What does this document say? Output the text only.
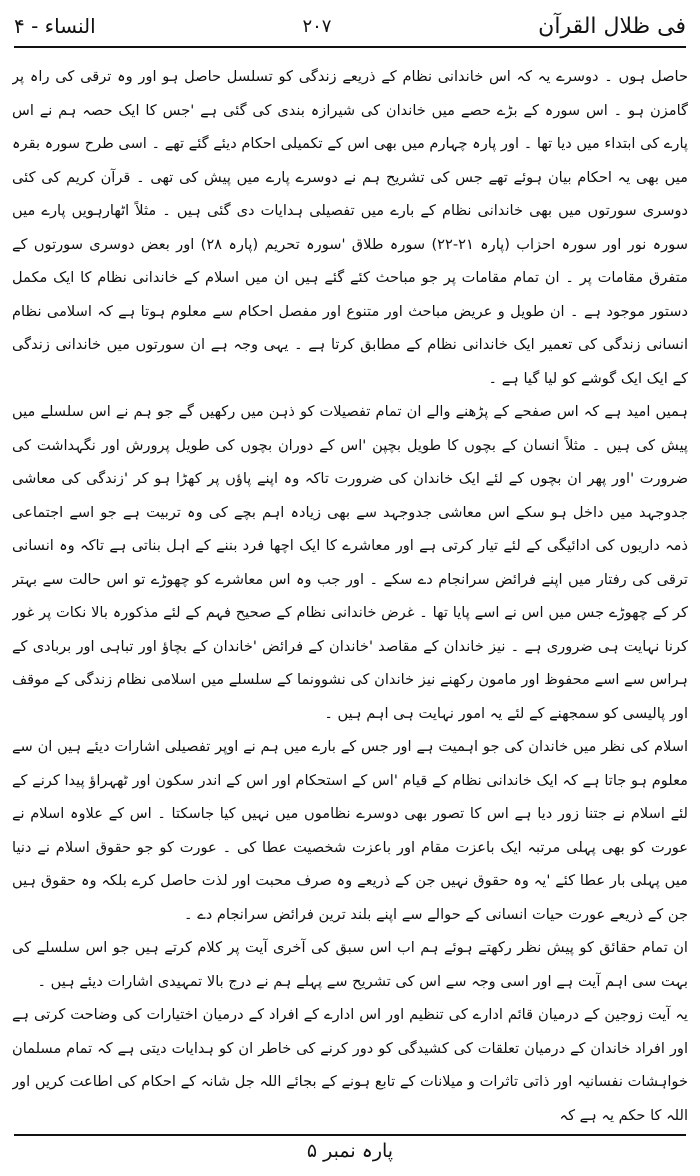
النساء - ۴	۲۰۷	فی ظلال القرآن

حاصل ہوں ۔ دوسرے یہ کہ اس خاندانی نظام کے ذریعے زندگی کو تسلسل حاصل ہو اور وہ ترقی کی راہ پر گامزن ہو ۔ اس سورہ کے بڑے حصے میں خاندان کی شیرازہ بندی کی گئی ہے 'جس کا ایک حصہ ہم نے اس پارے کی ابتداء میں دیا تھا ۔ اور پارہ چہارم میں بھی اس کے تکمیلی احکام دیئے گئے تھے ۔ اسی طرح سورہ بقرہ میں بھی یہ احکام بیان ہوئے تھے جس کی تشریح ہم نے دوسرے پارے میں پیش کی تھی ۔ قرآن کریم کی کئی دوسری سورتوں میں بھی خاندانی نظام کے بارے میں تفصیلی ہدایات دی گئی ہیں ۔ مثلاً اٹھارہویں پارے میں سورہ نور اور سورہ احزاب (پارہ ۲۱-۲۲) سورہ طلاق 'سورہ تحریم (پارہ ۲۸) اور بعض دوسری سورتوں کے متفرق مقامات پر ۔ ان تمام مقامات پر جو مباحث کئے گئے ہیں ان میں اسلام کے خاندانی نظام کا ایک مکمل دستور موجود ہے ۔ ان طویل و عریض مباحث اور متنوع اور مفصل احکام سے معلوم ہوتا ہے کہ اسلامی نظام انسانی زندگی کی تعمیر ایک خاندانی نظام کے مطابق کرتا ہے ۔ یہی وجہ ہے ان سورتوں میں خاندانی زندگی کے ایک ایک گوشے کو لیا گیا ہے ۔

ہمیں امید ہے کہ اس صفحے کے پڑھنے والے ان تمام تفصیلات کو ذہن میں رکھیں گے جو ہم نے اس سلسلے میں پیش کی ہیں ۔ مثلاً انسان کے بچوں کا طویل بچپن 'اس کے دوران بچوں کی طویل پرورش اور نگہداشت کی ضرورت 'اور پھر ان بچوں کے لئے ایک خاندان کی ضرورت تاکہ وہ اپنے پاؤں پر کھڑا ہو کر 'زندگی کی معاشی جدوجہد میں داخل ہو سکے اس معاشی جدوجہد سے بھی زیادہ اہم بچے کی وہ تربیت ہے جو اسے اجتماعی ذمہ داریوں کی ادائیگی کے لئے تیار کرتی ہے اور معاشرے کا ایک اچھا فرد بننے کے اہل بناتی ہے تاکہ وہ انسانی ترقی کی رفتار میں اپنے فرائض سرانجام دے سکے ۔ اور جب وہ اس معاشرے کو چھوڑے تو اس حالت سے بہتر کر کے چھوڑے جس میں اس نے اسے پایا تھا ۔ غرض خاندانی نظام کے صحیح فہم کے لئے مذکورہ بالا نکات پر غور کرنا نہایت ہی ضروری ہے ۔ نیز خاندان کے مقاصد 'خاندان کے فرائض 'خاندان کے بچاؤ اور تباہی اور بربادی کے ہراس سے اسے محفوظ اور مامون رکھنے نیز خاندان کی نشوونما کے سلسلے میں اسلامی نظام زندگی کے موقف اور پالیسی کو سمجھنے کے لئے یہ امور نہایت ہی اہم ہیں ۔

اسلام کی نظر میں خاندان کی جو اہمیت ہے اور جس کے بارے میں ہم نے اوپر تفصیلی اشارات دیئے ہیں ان سے معلوم ہو جاتا ہے کہ ایک خاندانی نظام کے قیام 'اس کے استحکام اور اس کے اندر سکون اور ٹھہراؤ پیدا کرنے کے لئے اسلام نے جتنا زور دیا ہے اس کا تصور بھی دوسرے نظاموں میں نہیں کیا جاسکتا ۔ اس کے علاوہ اسلام نے عورت کو بھی پہلی مرتبہ ایک باعزت مقام اور باعزت شخصیت عطا کی ۔ عورت کو جو حقوق اسلام نے دنیا میں پہلی بار عطا کئے 'یہ وہ حقوق نہیں جن کے ذریعے وہ صرف محبت اور لذت حاصل کرے بلکہ وہ حقوق ہیں جن کے ذریعے عورت حیات انسانی کے حوالے سے اپنے بلند ترین فرائض سرانجام دے ۔

ان تمام حقائق کو پیش نظر رکھتے ہوئے ہم اب اس سبق کی آخری آیت پر کلام کرتے ہیں جو اس سلسلے کی بہت سی اہم آیت ہے اور اسی وجہ سے اس کی تشریح سے پہلے ہم نے درج بالا تمہیدی اشارات دیئے ہیں ۔

یہ آیت زوجین کے درمیان قائم ادارے کی تنظیم اور اس ادارے کے افراد کے درمیان اختیارات کی وضاحت کرتی ہے اور افراد خاندان کے درمیان تعلقات کی کشیدگی کو دور کرنے کی خاطر ان کو ہدایات دیتی ہے کہ تمام مسلمان خواہشات نفسانیہ اور ذاتی تاثرات و میلانات کے تابع ہونے کے بجائے اللہ جل شانہ کے احکام کی اطاعت کریں اور اللہ کا حکم یہ ہے کہ

پارہ نمبر ۵
